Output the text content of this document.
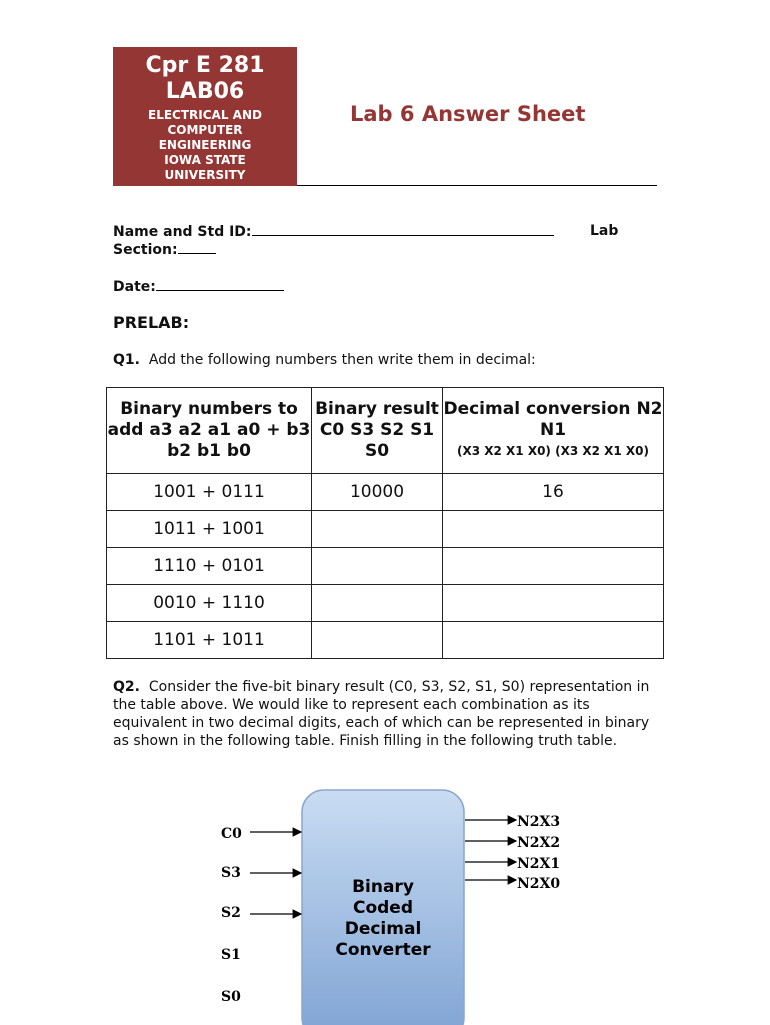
Cpr E 281
LAB06
ELECTRICAL AND
COMPUTER
ENGINEERING
IOWA STATE
UNIVERSITY
Lab 6 Answer Sheet
Name and Std ID:	Lab
Section:
Date:
PRELAB:
Q1. Add the following numbers then write them in decimal:
Binary numbers to add a3 a2 a1 a0 + b3 b2 b1 b0	Binary result C0 S3 S2 S1 S0	Decimal conversion N2 N1
(X3 X2 X1 X0) (X3 X2 X1 X0)

1001 + 0111	10000	16
1011 + 1001		
1110 + 0101		
0010 + 1110		
1101 + 1011		
Q2. Consider the five-bit binary result (C0, S3, S2, S1, S0) representation in the table above. We would like to represent each combination as its equivalent in two decimal digits, each of which can be represented in binary as shown in the following table. Finish filling in the following truth table.
Binary
Coded
Decimal
Converter
C0
S3
S2
S1
S0
N2X3
N2X2
N2X1
N2X0
